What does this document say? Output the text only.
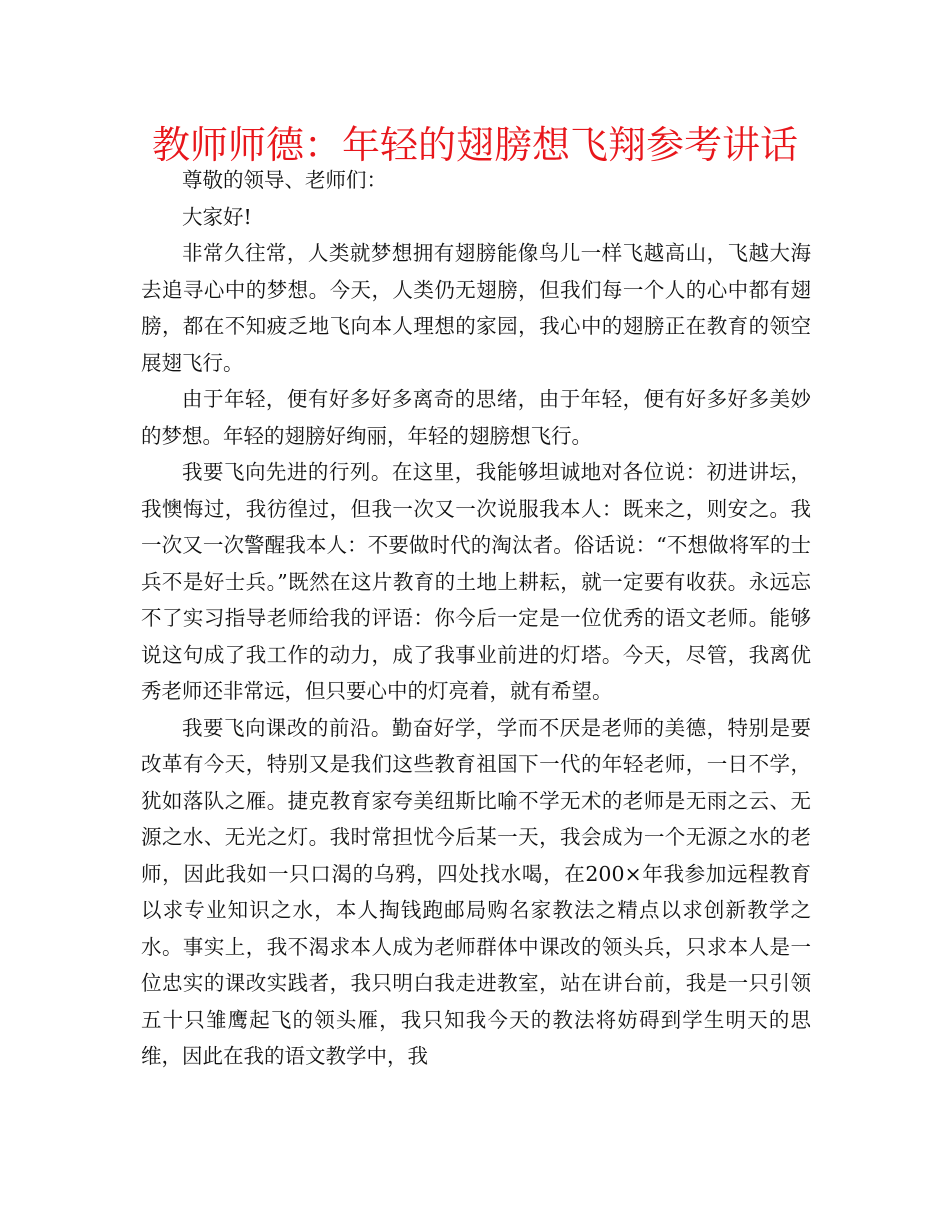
教师师德：年轻的翅膀想飞翔参考讲话

尊敬的领导、老师们：

大家好!

非常久往常，人类就梦想拥有翅膀能像鸟儿一样飞越高山，飞越大海去追寻心中的梦想。今天，人类仍无翅膀，但我们每一个人的心中都有翅膀，都在不知疲乏地飞向本人理想的家园，我心中的翅膀正在教育的领空展翅飞行。

由于年轻，便有好多好多离奇的思绪，由于年轻，便有好多好多美妙的梦想。年轻的翅膀好绚丽，年轻的翅膀想飞行。

我要飞向先进的行列。在这里，我能够坦诚地对各位说：初进讲坛，我懊悔过，我彷徨过，但我一次又一次说服我本人：既来之，则安之。我一次又一次警醒我本人：不要做时代的淘汰者。俗话说：“不想做将军的士兵不是好士兵。”既然在这片教育的土地上耕耘，就一定要有收获。永远忘不了实习指导老师给我的评语：你今后一定是一位优秀的语文老师。能够说这句成了我工作的动力，成了我事业前进的灯塔。今天，尽管，我离优秀老师还非常远，但只要心中的灯亮着，就有希望。

我要飞向课改的前沿。勤奋好学，学而不厌是老师的美德，特别是要改革有今天，特别又是我们这些教育祖国下一代的年轻老师，一日不学，犹如落队之雁。捷克教育家夸美纽斯比喻不学无术的老师是无雨之云、无源之水、无光之灯。我时常担忧今后某一天，我会成为一个无源之水的老师，因此我如一只口渴的乌鸦，四处找水喝，在200×年我参加远程教育以求专业知识之水，本人掏钱跑邮局购名家教法之精点以求创新教学之水。事实上，我不渴求本人成为老师群体中课改的领头兵，只求本人是一位忠实的课改实践者，我只明白我走进教室，站在讲台前，我是一只引领五十只雏鹰起飞的领头雁，我只知我今天的教法将妨碍到学生明天的思维，因此在我的语文教学中，我
